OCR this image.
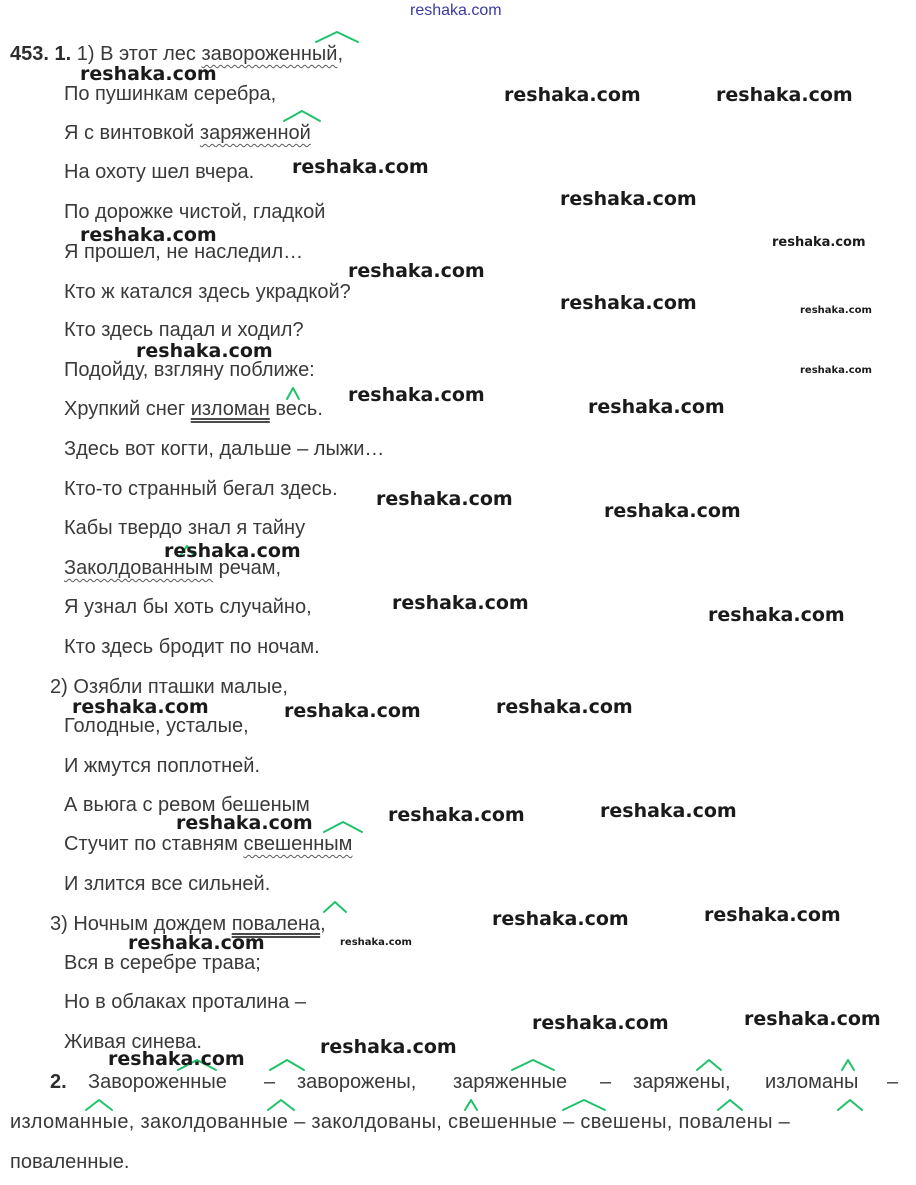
reshaka.com
453. 1. 1) В этот лес завороженный,
По пушинкам серебра,
Я с винтовкой заряженной
На охоту шел вчера.
По дорожке чистой, гладкой
Я прошел, не наследил…
Кто ж катался здесь украдкой?
Кто здесь падал и ходил?
Подойду, взгляну поближе:
Хрупкий снег изломан весь.
Здесь вот когти, дальше – лыжи…
Кто-то странный бегал здесь.
Кабы твердо знал я тайну
Заколдованным речам,
Я узнал бы хоть случайно,
Кто здесь бродит по ночам.
2) Озябли пташки малые,
Голодные, усталые,
И жмутся поплотней.
А вьюга с ревом бешеным
Стучит по ставням свешенным
И злится все сильней.
3) Ночным дождем повалена,
Вся в серебре трава;
Но в облаках проталина –
Живая синева.
2. Завороженные – заворожены, заряженные – заряжены, изломаны –
изломанные, заколдованные – заколдованы, свешенные – свешены, повалены –
поваленные.
reshaka.com
reshaka.com	reshaka.com
reshaka.com
reshaka.com
reshaka.com	reshaka.com
reshaka.com
reshaka.com	reshaka.com
reshaka.com
reshaka.com
reshaka.com
reshaka.com
reshaka.com
reshaka.com
reshaka.com
reshaka.com
reshaka.com
reshaka.com	reshaka.com	reshaka.com
reshaka.com	reshaka.com
reshaka.com
reshaka.com	reshaka.com
reshaka.com	reshaka.com
reshaka.com	reshaka.com
reshaka.com
reshaka.com
